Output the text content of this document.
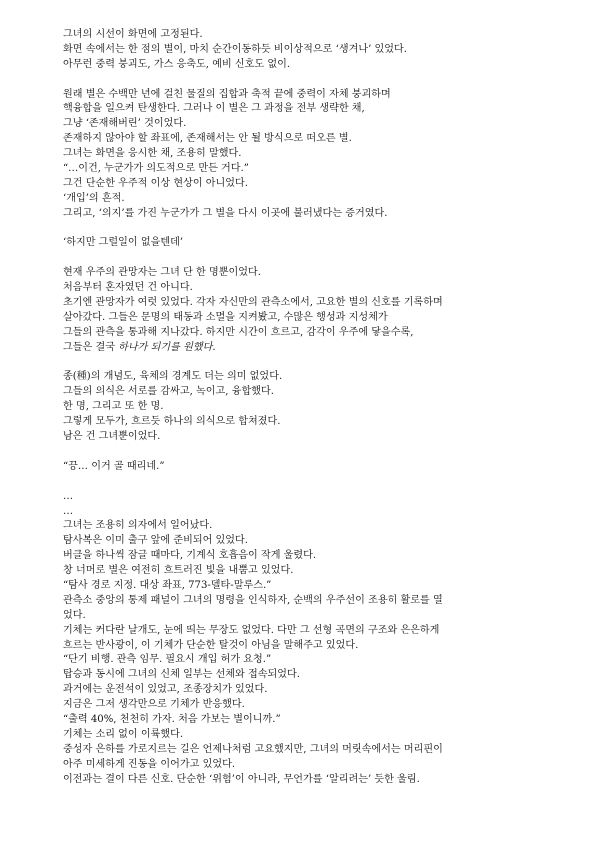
그녀의 시선이 화면에 고정된다.
화면 속에서는 한 점의 별이, 마치 순간이동하듯 비이상적으로 ‘생겨나’ 있었다.
아무런 중력 붕괴도, 가스 응축도, 예비 신호도 없이.
원래 별은 수백만 년에 걸친 물질의 집합과 축적 끝에 중력이 자체 붕괴하며
핵융합을 일으켜 탄생한다. 그러나 이 별은 그 과정을 전부 생략한 채,
그냥 ‘존재해버린’ 것이었다.
존재하지 않아야 할 좌표에, 존재해서는 안 될 방식으로 떠오른 별.
그녀는 화면을 응시한 채, 조용히 말했다.
“…이건, 누군가가 의도적으로 만든 거다.”
그건 단순한 우주적 이상 현상이 아니었다.
‘개입’의 흔적.
그리고, ‘의지’를 가진 누군가가 그 별을 다시 이곳에 불러냈다는 증거였다.
‘하지만 그럴일이 없을텐데’
현재 우주의 관망자는 그녀 단 한 명뿐이었다.
처음부터 혼자였던 건 아니다.
초기엔 관망자가 여럿 있었다. 각자 자신만의 관측소에서, 고요한 별의 신호를 기록하며
살아갔다. 그들은 문명의 태동과 소멸을 지켜봤고, 수많은 행성과 지성체가
그들의 관측을 통과해 지나갔다. 하지만 시간이 흐르고, 감각이 우주에 닿을수록,
그들은 결국 하나가 되기를 원했다.
종(種)의 개념도, 육체의 경계도 더는 의미 없었다.
그들의 의식은 서로를 감싸고, 녹이고, 융합했다.
한 명, 그리고 또 한 명.
그렇게 모두가, 흐르듯 하나의 의식으로 합쳐졌다.
남은 건 그녀뿐이었다.
“끙… 이거 골 때리네.”
…
…
그녀는 조용히 의자에서 일어났다.
탐사복은 이미 출구 앞에 준비되어 있었다.
버클을 하나씩 잠글 때마다, 기계식 호흡음이 작게 울렸다.
창 너머로 별은 여전히 흐트러진 빛을 내뿜고 있었다.
“탐사 경로 지정. 대상 좌표, 773-델타-말루스.”
관측소 중앙의 통제 패널이 그녀의 명령을 인식하자, 순백의 우주선이 조용히 활로를 열
었다.
기체는 커다란 날개도, 눈에 띄는 무장도 없었다. 다만 그 선형 곡면의 구조와 은은하게
흐르는 반사광이, 이 기체가 단순한 탈것이 아님을 말해주고 있었다.
“단기 비행. 관측 임무. 필요시 개입 허가 요청.”
탑승과 동시에 그녀의 신체 일부는 선체와 접속되었다.
과거에는 운전석이 있었고, 조종장치가 있었다.
지금은 그저 생각만으로 기체가 반응했다.
“출력 40%, 천천히 가자. 처음 가보는 별이니까.”
기체는 소리 없이 이륙했다.
중성자 은하를 가로지르는 길은 언제나처럼 고요했지만, 그녀의 머릿속에서는 머리핀이
아주 미세하게 진동을 이어가고 있었다.
이전과는 결이 다른 신호. 단순한 ‘위험’이 아니라, 무언가를 ‘알리려는’ 듯한 울림.
